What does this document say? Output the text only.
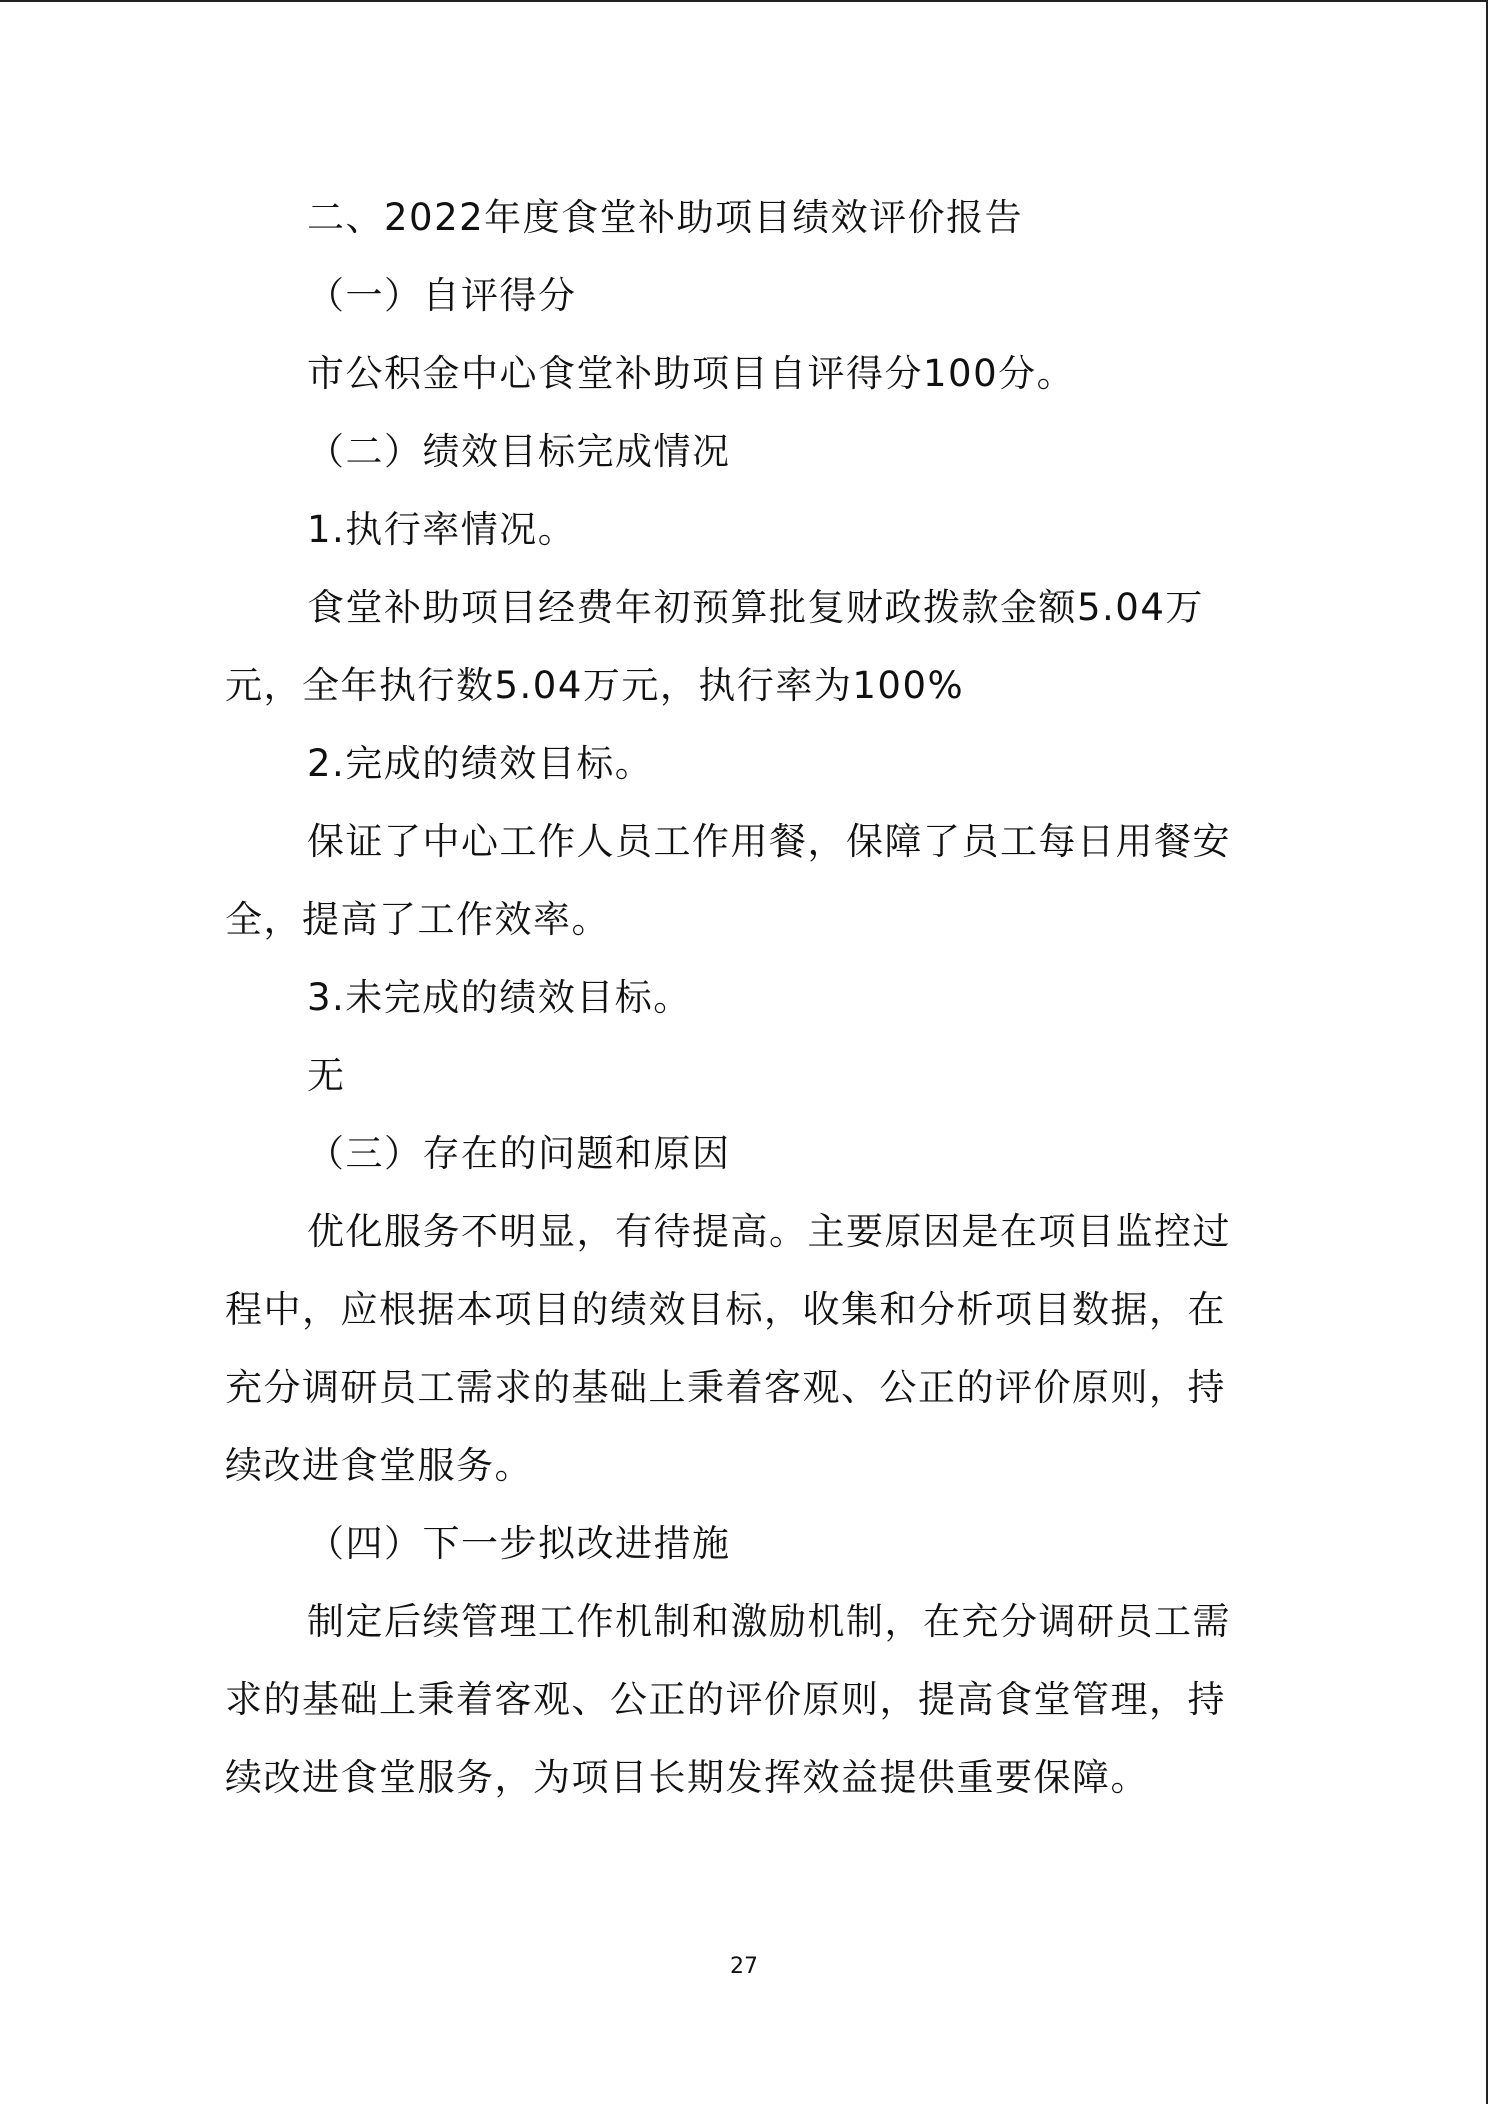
二、2022年度食堂补助项目绩效评价报告

（一）自评得分

市公积金中心食堂补助项目自评得分100分。

（二）绩效目标完成情况

1.执行率情况。

食堂补助项目经费年初预算批复财政拨款金额5.04万

元，全年执行数5.04万元，执行率为100%

2.完成的绩效目标。

保证了中心工作人员工作用餐，保障了员工每日用餐安

全，提高了工作效率。

3.未完成的绩效目标。

无

（三）存在的问题和原因

优化服务不明显，有待提高。主要原因是在项目监控过

程中，应根据本项目的绩效目标，收集和分析项目数据，在

充分调研员工需求的基础上秉着客观、公正的评价原则，持

续改进食堂服务。

（四）下一步拟改进措施

制定后续管理工作机制和激励机制，在充分调研员工需

求的基础上秉着客观、公正的评价原则，提高食堂管理，持

续改进食堂服务，为项目长期发挥效益提供重要保障。

27
